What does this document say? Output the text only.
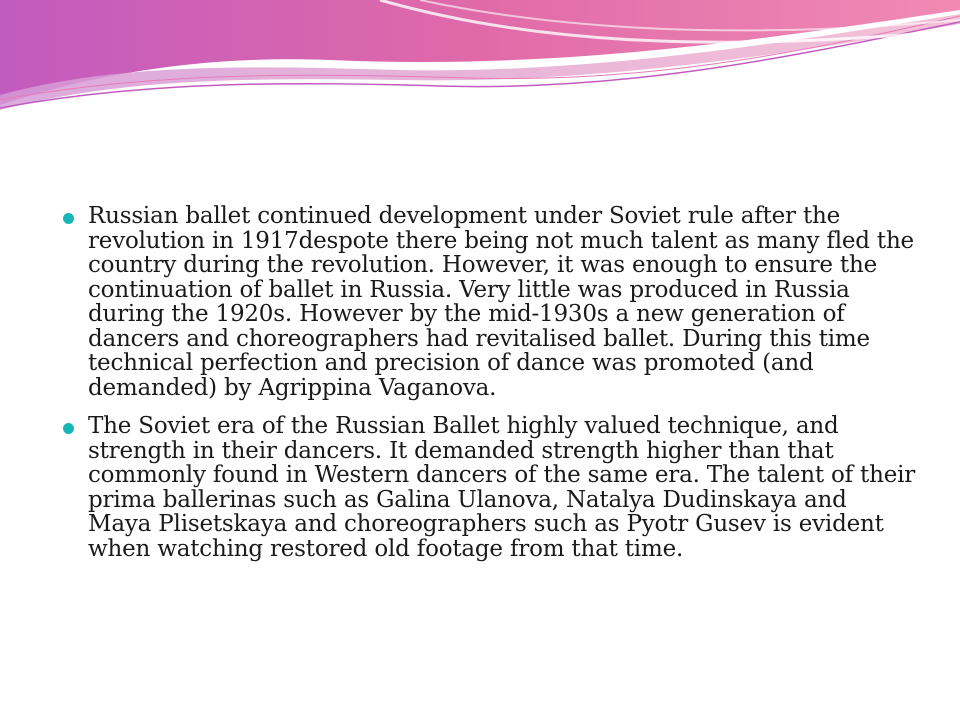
Russian ballet continued development under Soviet rule after the revolution in 1917despote there being not much talent as many fled the country during the revolution. However, it was enough to ensure the continuation of ballet in Russia. Very little was produced in Russia during the 1920s. However by the mid-1930s a new generation of dancers and choreographers had revitalised ballet. During this time technical perfection and precision of dance was promoted (and demanded) by Agrippina Vaganova.
The Soviet era of the Russian Ballet highly valued technique, and strength in their dancers. It demanded strength higher than that commonly found in Western dancers of the same era. The talent of their prima ballerinas such as Galina Ulanova, Natalya Dudinskaya and Maya Plisetskaya and choreographers such as Pyotr Gusev is evident when watching restored old footage from that time.
